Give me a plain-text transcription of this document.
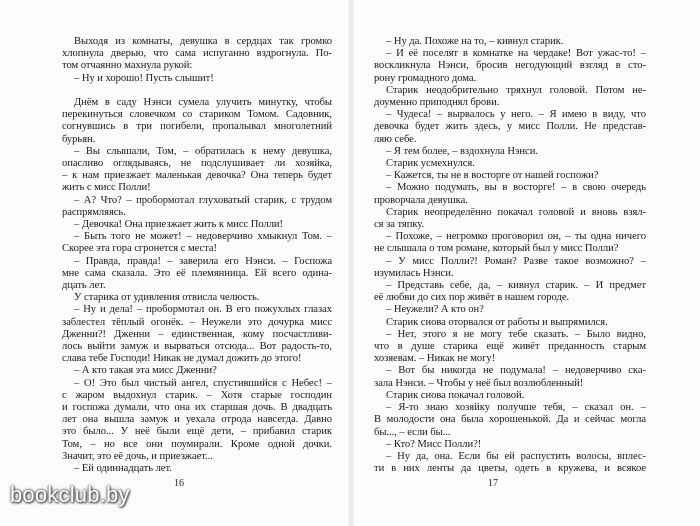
Выходя из комнаты, девушка в сердцах так громко
хлопнула дверью, что сама испуганно вздрогнула. По-
том отчаянно махнула рукой:
– Ну и хорошо! Пусть слышит!
Днём в саду Нэнси сумела улучить минутку, чтобы
перекинуться словечком со стариком Томом. Садовник,
согнувшись в три погибели, пропалывал многолетний
бурьян.
– Вы слышали, Том, – обратилась к нему девушка,
опасливо оглядываясь, не подслушивает ли хозяйка,
– к нам приезжает маленькая девочка? Она теперь будет
жить с мисс Полли!
– А? Что? – пробормотал глуховатый старик, с трудом
распрямляясь.
– Девочка! Она приезжает жить к мисс Полли!
– Быть того не может! – недоверчиво хмыкнул Том. –
Скорее эта гора сгронется с места!
– Правда, правда! – заверила его Нэнси. – Госпожа
мне сама сказала. Это её племянница. Ей всего одина-
дцать лет.
У старика от удивления отвисла челюсть.
– Ну и дела! – пробормотал он. В его пожухлых глазах
заблестел тёплый огонёк. – Неужели это дочурка мисс
Дженни?! Дженни – единственная, кому посчастливи-
лось выйти замуж и вырваться отсюда... Вот радость-то,
слава тебе Господи! Никак не думал дожить до этого!
– А кто такая эта мисс Дженни?
– О! Это был чистый ангел, спустившийся с Небес! –
с жаром выдохнул старик. – Хотя старые господин
и госпожа думали, что она их старшая дочь. В двадцать
лет она вышла замуж и уехала отрода навсегда. Давно
это было... У неё были ещё дети, – прибавил старик
Том, – но все они поумирали. Кроме одной дочки.
Значит, это её дочь, и приезжает...
– Ей одиннадцать лет.
– Ну да. Похоже на то, – кивнул старик.
– И её поселят в комнатке на чердаке! Вот ужас-то! –
воскликнула Нэнси, бросив негодующий взгляд в сто-
рону громадного дома.
Старик неодобрительно тряхнул головой. Потом не-
доуменно приподнял брови.
– Чудеса! – вырвалось у него. – Я имею в виду, что
девочка будет жить здесь, у мисс Полли. Не представ-
ляю себе.
– Я тем более, – вздохнула Нэнси.
Старик усмехнулся.
– Кажется, ты не в восторге от нашей госпожи?
– Можно подумать, вы в восторге! – в свою очередь
проворчала девушка.
Старик неопределённо покачал головой и вновь взял-
ся за тяпку.
– Похоже, – негромко проговорил он, – ты одна ничего
не слышала о том романе, который был у мисс Полли?
– У мисс Полли?! Роман? Разве такое возможно? –
изумилась Нэнси.
– Представь себе, да, – кивнул старик. – И предмет
её любви до сих пор живёт в нашем городе.
– Неужели? А кто он?
Старик снова оторвался от работы и выпрямился.
– Нет, этого я не могу тебе сказать. – Было видно,
что в душе старика ещё живёт преданность старым
хозяевам. – Никак не могу!
– Вот бы никогда не подумала! – недоверчиво ска-
зала Нэнси. – Чтобы у неё был возлюбленный!
Старик снова покачал головой.
– Я-то знаю хозяйку получше тебя, – сказал он. –
В молодости она была хорошенькой. Да и сейчас могла
бы..., – если бы...
– Кто? Мисс Полли?!
– Ну да, она. Если бы ей распустить волосы, вплес-
ти в них ленты да цветы, одеть в кружева, и всякое
16	17
bookclub.by
